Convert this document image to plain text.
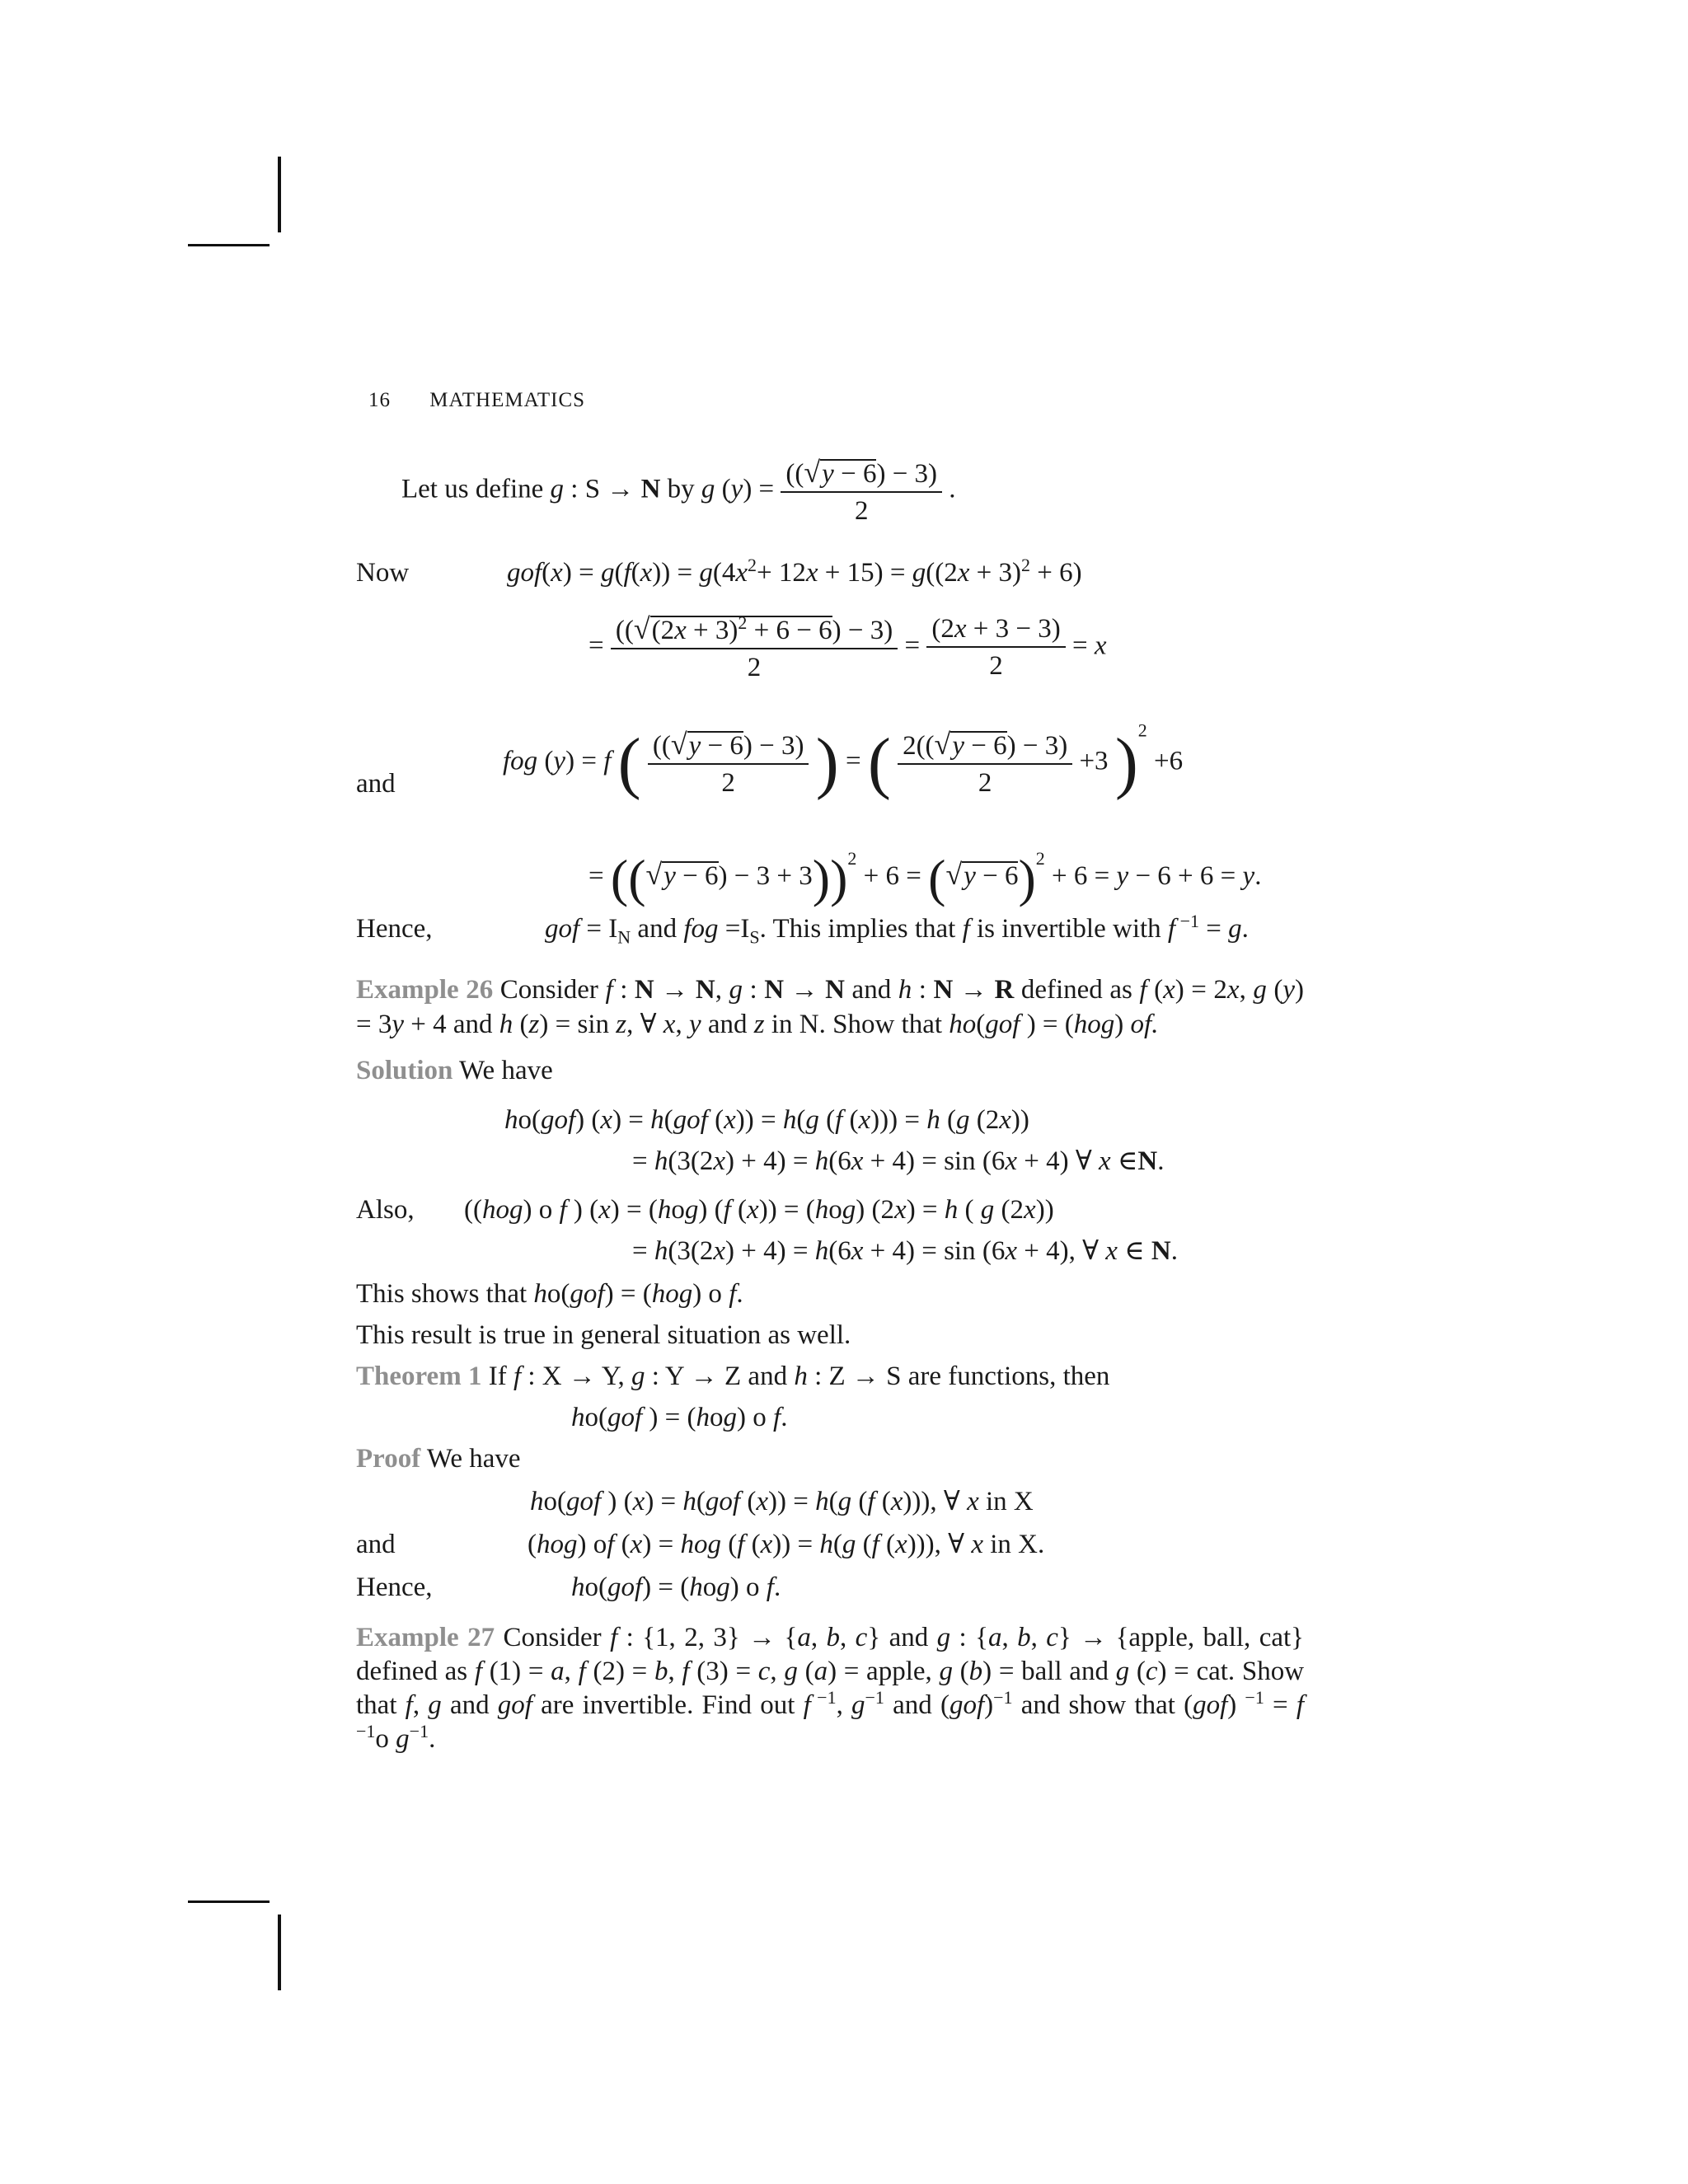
16 MATHEMATICS
Let us define g : S → N by g $(y) = \frac{((√y - 6) - 3)}{2}$ .
Now	$gof(x) = g(f(x)) = g(4x^2+ 12x + 15) = g((2x + 3)^2 + 6)$
= $\frac{((√(2x + 3)^2 + 6 - 6) - 3)}{2} = \frac{(2x + 3 - 3)}{2} = x$
and
fog (y) = f ( $\frac{((√y - 6) - 3)}{2}$ ) = ( $\frac{2((√y - 6) - 3)}{2} +3$ )$^2$ +6
= $((√y - 6) - 3 + 3))^2 + 6 = (√y - 6)^2 + 6 = y - 6 + 6 = y$.
Hence,	gof = $I_N$ and fog $=I_S$. This implies that f is invertible with f $^{-1}$ = g.
Example 26 Consider f : N → N, g : N → N and h : N → R defined as f (x) = 2x, g (y) = 3y + 4 and h (z) = sin z, ∀ x, y and z in N. Show that ho(gof ) = (hog) of.
Solution We have
ho(gof) (x) = h(gof (x)) = h(g (f (x))) = h (g (2x))
= h(3(2x) + 4) = h(6x + 4) = sin (6x + 4) ∀ x ∈N.
Also, ((hog) o f ) (x) = (hog) (f (x)) = (hog) (2x) = h ( g (2x))
= h(3(2x) + 4) = h(6x + 4) = sin (6x + 4), ∀ x ∈ N.
This shows that ho(gof) = (hog) o f.
This result is true in general situation as well.
Theorem 1 If f : X → Y, g : Y → Z and h : Z → S are functions, then
ho(gof ) = (hog) o f.
Proof We have
ho(gof ) (x) = h(gof (x)) = h(g (f (x))), ∀ x in X
and	(hog) of (x) = hog (f (x)) = h(g (f (x))), ∀ x in X.
Hence,	ho(gof) = (hog) o f.
Example 27 Consider f : {1, 2, 3} → {a, b, c} and g : {a, b, c} → {apple, ball, cat} defined as f (1) = a, f (2) = b, f (3) = c, g (a) = apple, g (b) = ball and g (c) = cat. Show that f, g and gof are invertible. Find out f $^{-1}$, $g^{-1}$ and (gof)$^{-1}$ and show that (gof) $^{-1}$ = f $^{-1}$o $g^{-1}$.
